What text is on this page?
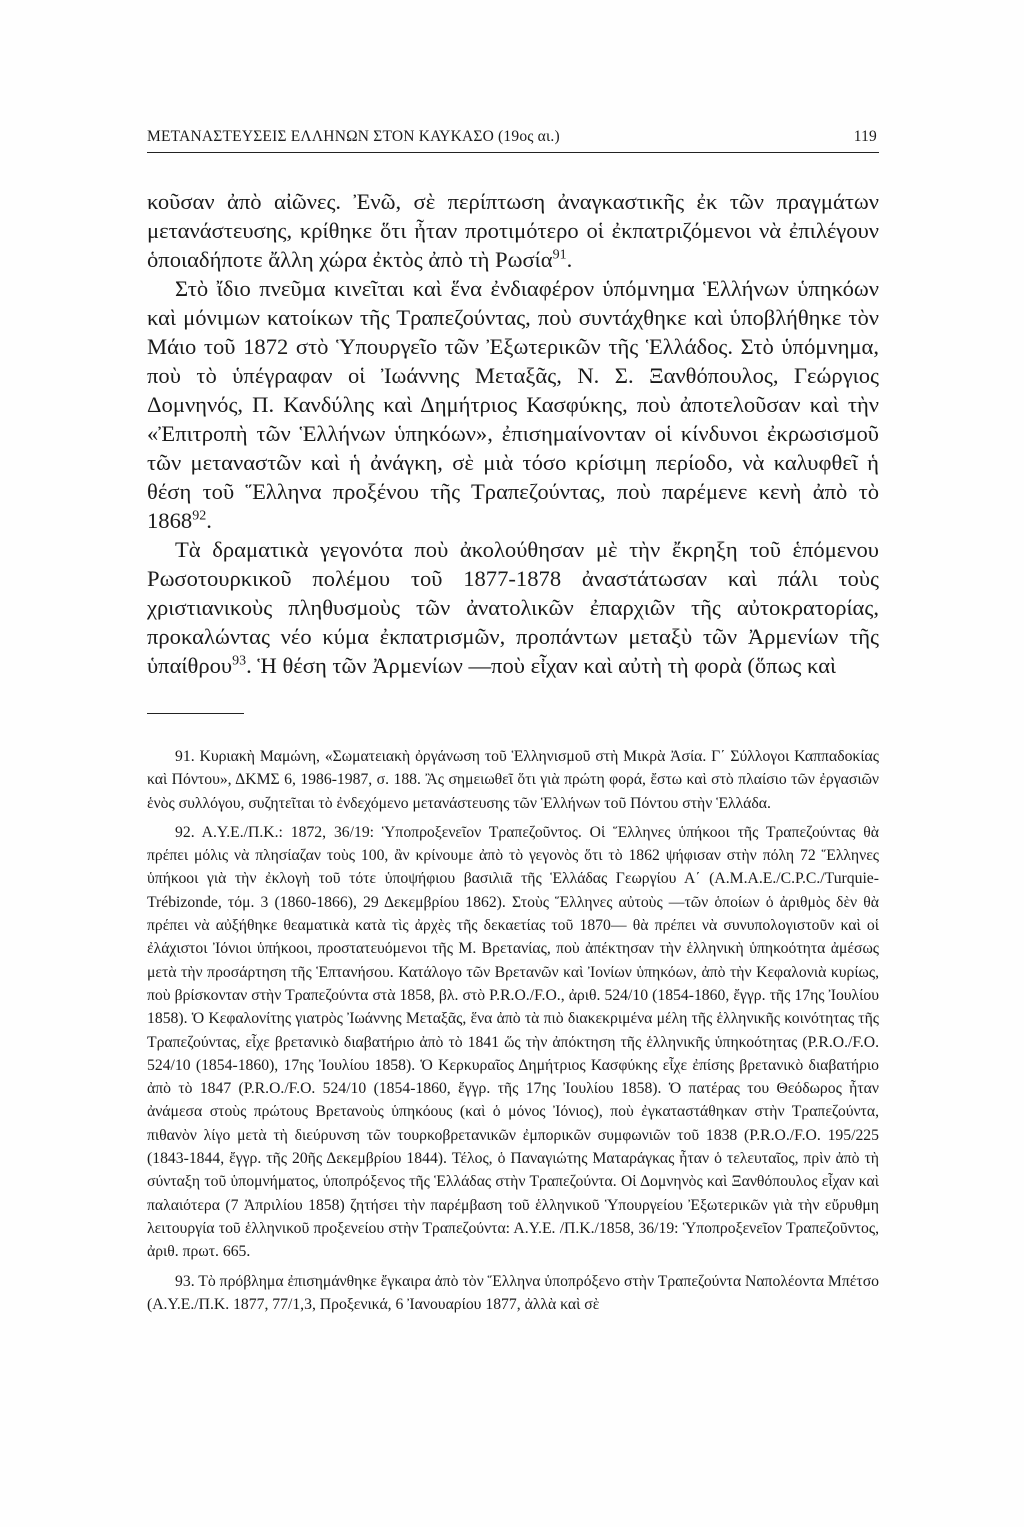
ΜΕΤΑΝΑΣΤΕΥΣΕΙΣ ΕΛΛΗΝΩΝ ΣΤΟΝ ΚΑΥΚΑΣΟ (19ος αι.)	119

κοῦσαν ἀπὸ αἰῶνες. Ἐνῶ, σὲ περίπτωση ἀναγκαστικῆς ἐκ τῶν πραγμάτων μετανάστευσης, κρίθηκε ὅτι ἦταν προτιμότερο οἱ ἐκπατριζόμενοι νὰ ἐπιλέγουν ὁποιαδήποτε ἄλλη χώρα ἐκτὸς ἀπὸ τὴ Ρωσία$^{91}$.

Στὸ ἴδιο πνεῦμα κινεῖται καὶ ἕνα ἐνδιαφέρον ὑπόμνημα Ἑλλήνων ὑπηκόων καὶ μόνιμων κατοίκων τῆς Τραπεζούντας, ποὺ συντάχθηκε καὶ ὑποβλήθηκε τὸν Μάιο τοῦ 1872 στὸ Ὑπουργεῖο τῶν Ἐξωτερικῶν τῆς Ἑλλάδος. Στὸ ὑπόμνημα, ποὺ τὸ ὑπέγραφαν οἱ Ἰωάννης Μεταξᾶς, Ν. Σ. Ξανθόπουλος, Γεώργιος Δομνηνός, Π. Κανδύλης καὶ Δημήτριος Κασφύκης, ποὺ ἀποτελοῦσαν καὶ τὴν «Ἐπιτροπὴ τῶν Ἑλλήνων ὑπηκόων», ἐπισημαίνονταν οἱ κίνδυνοι ἐκρωσισμοῦ τῶν μεταναστῶν καὶ ἡ ἀνάγκη, σὲ μιὰ τόσο κρίσιμη περίοδο, νὰ καλυφθεῖ ἡ θέση τοῦ Ἕλληνα προξένου τῆς Τραπεζούντας, ποὺ παρέμενε κενὴ ἀπὸ τὸ 1868$^{92}$.

Τὰ δραματικὰ γεγονότα ποὺ ἀκολούθησαν μὲ τὴν ἔκρηξη τοῦ ἑπόμενου Ρωσοτουρκικοῦ πολέμου τοῦ 1877-1878 ἀναστάτωσαν καὶ πάλι τοὺς χριστιανικοὺς πληθυσμοὺς τῶν ἀνατολικῶν ἐπαρχιῶν τῆς αὐτοκρατορίας, προκαλώντας νέο κύμα ἐκπατρισμῶν, προπάντων μεταξὺ τῶν Ἀρμενίων τῆς ὑπαίθρου$^{93}$. Ἡ θέση τῶν Ἀρμενίων —ποὺ εἶχαν καὶ αὐτὴ τὴ φορὰ (ὅπως καὶ

91. Κυριακὴ Μαμώνη, «Σωματειακὴ ὀργάνωση τοῦ Ἑλληνισμοῦ στὴ Μικρὰ Ἀσία. Γ΄ Σύλλογοι Καππαδοκίας καὶ Πόντου», ΔΚΜΣ 6, 1986-1987, σ. 188. Ἂς σημειωθεῖ ὅτι γιὰ πρώτη φορά, ἔστω καὶ στὸ πλαίσιο τῶν ἐργασιῶν ἑνὸς συλλόγου, συζητεῖται τὸ ἐνδεχόμενο μετανάστευσης τῶν Ἑλλήνων τοῦ Πόντου στὴν Ἑλλάδα.

92. Α.Υ.Ε./Π.Κ.: 1872, 36/19: Ὑποπροξενεῖον Τραπεζοῦντος. Οἱ Ἕλληνες ὑπήκοοι τῆς Τραπεζούντας θὰ πρέπει μόλις νὰ πλησίαζαν τοὺς 100, ἂν κρίνουμε ἀπὸ τὸ γεγονὸς ὅτι τὸ 1862 ψήφισαν στὴν πόλη 72 Ἕλληνες ὑπήκοοι γιὰ τὴν ἐκλογὴ τοῦ τότε ὑποψήφιου βασιλιᾶ τῆς Ἑλλάδας Γεωργίου Α΄ (Α.Μ.Α.Ε./C.P.C./Turquie-Trébizonde, τόμ. 3 (1860-1866), 29 Δεκεμβρίου 1862). Στοὺς Ἕλληνες αὐτοὺς —τῶν ὁποίων ὁ ἀριθμὸς δὲν θὰ πρέπει νὰ αὐξήθηκε θεαματικὰ κατὰ τὶς ἀρχὲς τῆς δεκαετίας τοῦ 1870— θὰ πρέπει νὰ συνυπολογιστοῦν καὶ οἱ ἐλάχιστοι Ἰόνιοι ὑπήκοοι, προστατευόμενοι τῆς Μ. Βρετανίας, ποὺ ἀπέκτησαν τὴν ἑλληνικὴ ὑπηκοότητα ἀμέσως μετὰ τὴν προσάρτηση τῆς Ἑπτανήσου. Κατάλογο τῶν Βρετανῶν καὶ Ἰονίων ὑπηκόων, ἀπὸ τὴν Κεφαλονιὰ κυρίως, ποὺ βρίσκονταν στὴν Τραπεζούντα στὰ 1858, βλ. στὸ P.R.O./F.O., ἀριθ. 524/10 (1854-1860, ἔγγρ. τῆς 17ης Ἰουλίου 1858). Ὁ Κεφαλονίτης γιατρὸς Ἰωάννης Μεταξᾶς, ἕνα ἀπὸ τὰ πιὸ διακεκριμένα μέλη τῆς ἑλληνικῆς κοινότητας τῆς Τραπεζούντας, εἶχε βρετανικὸ διαβατήριο ἀπὸ τὸ 1841 ὥς τὴν ἀπόκτηση τῆς ἑλληνικῆς ὑπηκοότητας (P.R.O./F.O. 524/10 (1854-1860), 17ης Ἰουλίου 1858). Ὁ Κερκυραῖος Δημήτριος Κασφύκης εἶχε ἐπίσης βρετανικὸ διαβατήριο ἀπὸ τὸ 1847 (P.R.O./F.O. 524/10 (1854-1860, ἔγγρ. τῆς 17ης Ἰουλίου 1858). Ὁ πατέρας του Θεόδωρος ἦταν ἀνάμεσα στοὺς πρώτους Βρετανοὺς ὑπηκόους (καὶ ὁ μόνος Ἰόνιος), ποὺ ἐγκαταστάθηκαν στὴν Τραπεζούντα, πιθανὸν λίγο μετὰ τὴ διεύρυνση τῶν τουρκοβρετανικῶν ἐμπορικῶν συμφωνιῶν τοῦ 1838 (P.R.O./F.O. 195/225 (1843-1844, ἔγγρ. τῆς 20ῆς Δεκεμβρίου 1844). Τέλος, ὁ Παναγιώτης Ματαράγκας ἦταν ὁ τελευταῖος, πρὶν ἀπὸ τὴ σύνταξη τοῦ ὑπομνήματος, ὑποπρόξενος τῆς Ἑλλάδας στὴν Τραπεζούντα. Οἱ Δομνηνὸς καὶ Ξανθόπουλος εἶχαν καὶ παλαιότερα (7 Ἀπριλίου 1858) ζητήσει τὴν παρέμβαση τοῦ ἑλληνικοῦ Ὑπουργείου Ἐξωτερικῶν γιὰ τὴν εὔρυθμη λειτουργία τοῦ ἑλληνικοῦ προξενείου στὴν Τραπεζούντα: Α.Υ.Ε. /Π.Κ./1858, 36/19: Ὑποπροξενεῖον Τραπεζοῦντος, ἀριθ. πρωτ. 665.

93. Τὸ πρόβλημα ἐπισημάνθηκε ἔγκαιρα ἀπὸ τὸν Ἕλληνα ὑποπρόξενο στὴν Τραπεζούντα Ναπολέοντα Μπέτσο (Α.Υ.Ε./Π.Κ. 1877, 77/1,3, Προξενικά, 6 Ἰανουαρίου 1877, ἀλλὰ καὶ σὲ
